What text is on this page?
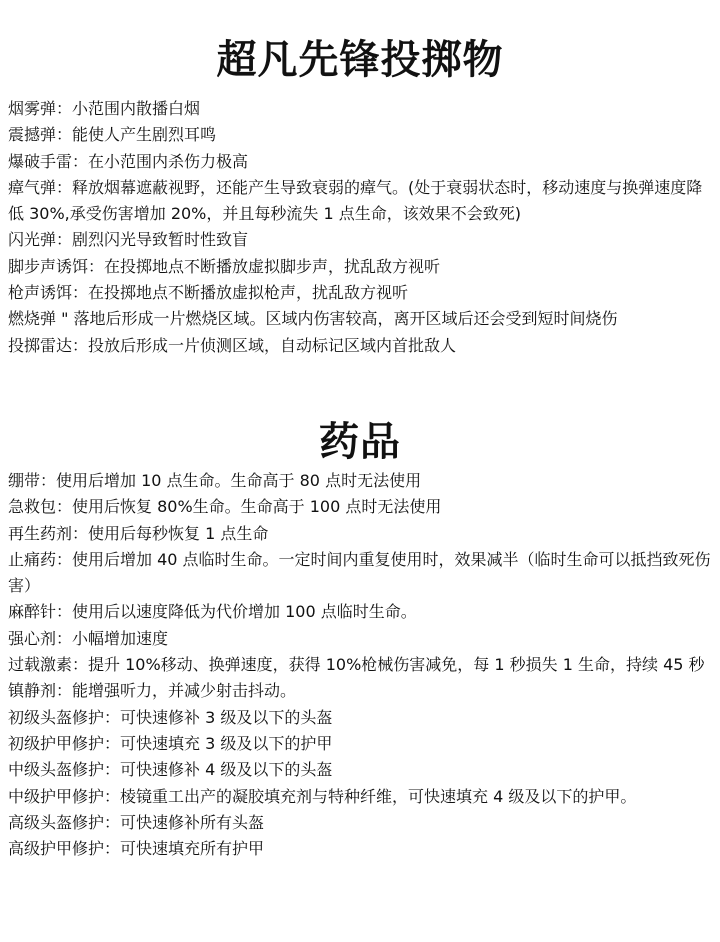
超凡先锋投掷物
烟雾弹：小范围内散播白烟
震撼弹：能使人产生剧烈耳鸣
爆破手雷：在小范围内杀伤力极高
瘴气弹：释放烟幕遮蔽视野，还能产生导致衰弱的瘴气。(处于衰弱状态时，移动速度与换弹速度降低 30%,承受伤害增加 20%，并且每秒流失 1 点生命，该效果不会致死)
闪光弹：剧烈闪光导致暂时性致盲
脚步声诱饵：在投掷地点不断播放虚拟脚步声，扰乱敌方视听
枪声诱饵：在投掷地点不断播放虚拟枪声，扰乱敌方视听
燃烧弹 " 落地后形成一片燃烧区域。区域内伤害较高，离开区域后还会受到短时间烧伤
投掷雷达：投放后形成一片侦测区域，自动标记区域内首批敌人
药品
绷带：使用后增加 10 点生命。生命高于 80 点时无法使用
急救包：使用后恢复 80%生命。生命高于 100 点时无法使用
再生药剂：使用后每秒恢复 1 点生命
止痛药：使用后增加 40 点临时生命。一定时间内重复使用时，效果减半（临时生命可以抵挡致死伤害）
麻醉针：使用后以速度降低为代价增加 100 点临时生命。
强心剂：小幅增加速度
过载激素：提升 10%移动、换弹速度，获得 10%枪械伤害减免，每 1 秒损失 1 生命，持续 45 秒
镇静剂：能增强听力，并减少射击抖动。
初级头盔修护：可快速修补 3 级及以下的头盔
初级护甲修护：可快速填充 3 级及以下的护甲
中级头盔修护：可快速修补 4 级及以下的头盔
中级护甲修护：棱镜重工出产的凝胶填充剂与特种纤维，可快速填充 4 级及以下的护甲。
高级头盔修护：可快速修补所有头盔
高级护甲修护：可快速填充所有护甲
